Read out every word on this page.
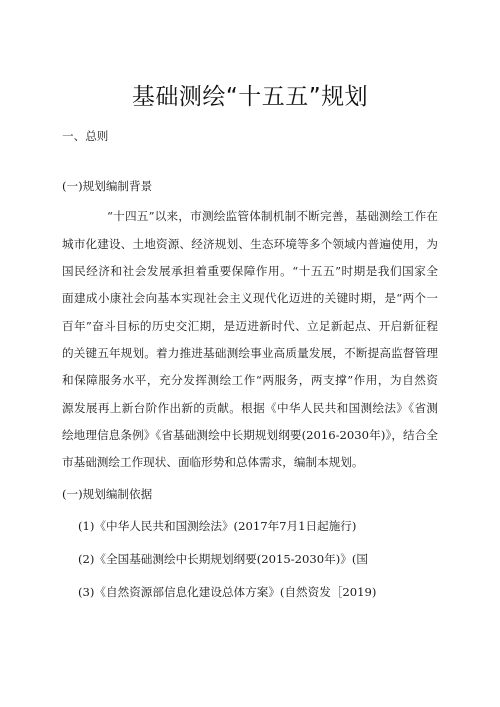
基础测绘“十五五”规划
一、总则
(一)规划编制背景
“十四五”以来，市测绘监管体制机制不断完善，基础测绘工作在
城市化建设、土地资源、经济规划、生态环境等多个领域内普遍使用，为
国民经济和社会发展承担着重要保障作用。“十五五”时期是我们国家全
面建成小康社会向基本实现社会主义现代化迈进的关键时期，是“两个一
百年”奋斗目标的历史交汇期，是迈进新时代、立足新起点、开启新征程
的关键五年规划。着力推进基础测绘事业高质量发展，不断提高监督管理
和保障服务水平，充分发挥测绘工作“两服务，两支撑”作用，为自然资
源发展再上新台阶作出新的贡献。根据《中华人民共和国测绘法》《省测
绘地理信息条例》《省基础测绘中长期规划纲要(2016-2030年)》，结合全
市基础测绘工作现状、面临形势和总体需求，编制本规划。
(一)规划编制依据
(1)《中华人民共和国测绘法》(2017年7月1日起施行)
(2)《全国基础测绘中长期规划纲要(2015-2030年)》(国
(3)《自然资源部信息化建设总体方案》(自然资发［2019)
